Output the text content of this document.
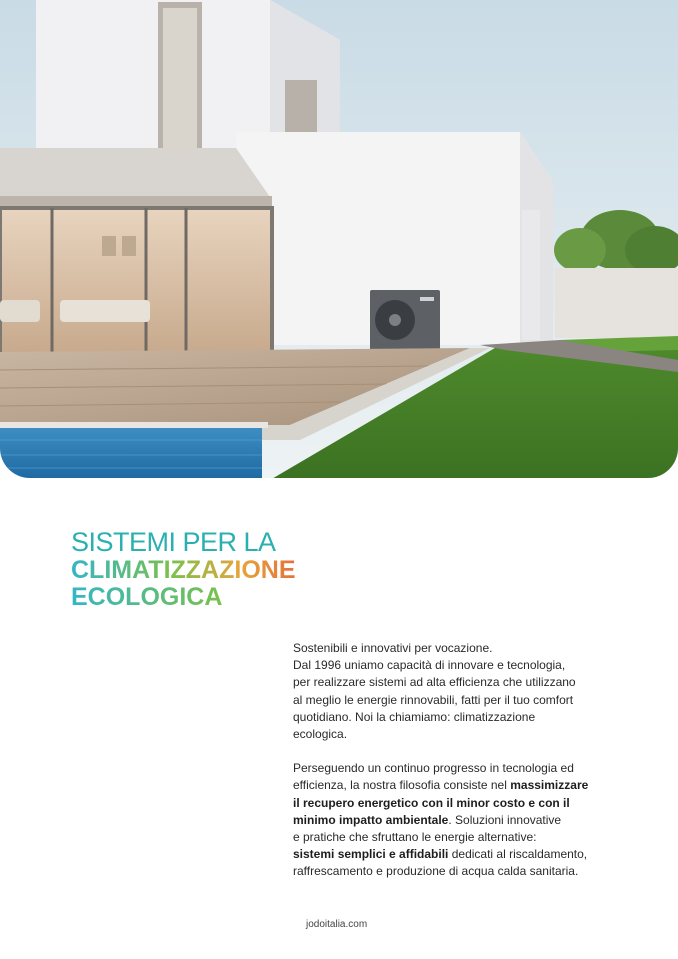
SISTEMI PER LA
CLIMATIZZAZIONE
ECOLOGICA

Sostenibili e innovativi per vocazione.
Dal 1996 uniamo capacità di innovare e tecnologia,
per realizzare sistemi ad alta efficienza che utilizzano
al meglio le energie rinnovabili, fatti per il tuo comfort
quotidiano. Noi la chiamiamo: climatizzazione
ecologica.

Perseguendo un continuo progresso in tecnologia ed
efficienza, la nostra filosofia consiste nel massimizzare
il recupero energetico con il minor costo e con il
minimo impatto ambientale. Soluzioni innovative
e pratiche che sfruttano le energie alternative:
sistemi semplici e affidabili dedicati al riscaldamento,
raffrescamento e produzione di acqua calda sanitaria.

jodoitalia.com
